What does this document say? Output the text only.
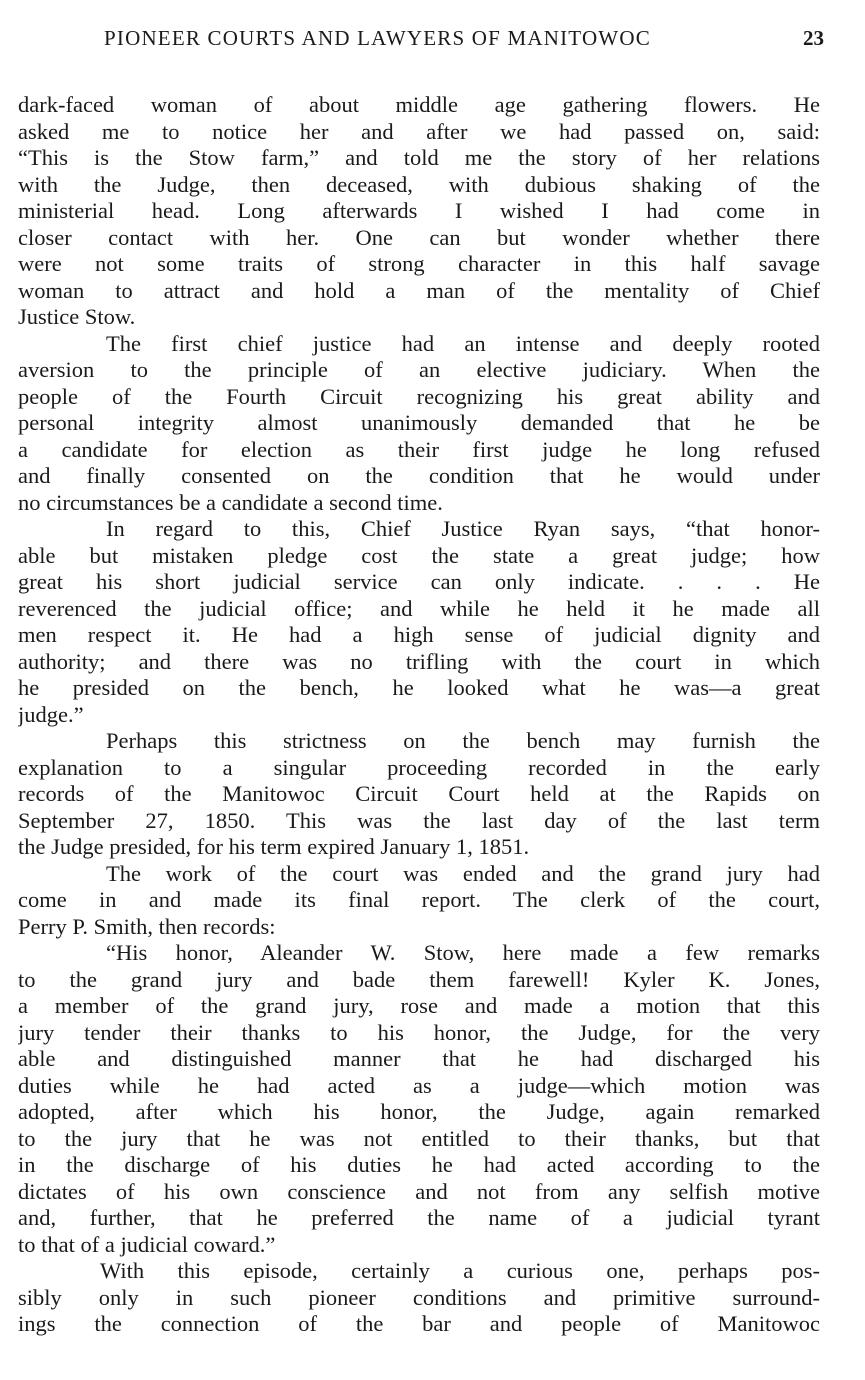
PIONEER COURTS AND LAWYERS OF MANITOWOC	23
dark-faced woman of about middle age gathering flowers. He
asked me to notice her and after we had passed on, said:
“This is the Stow farm,” and told me the story of her relations
with the Judge, then deceased, with dubious shaking of the
ministerial head. Long afterwards I wished I had come in
closer contact with her. One can but wonder whether there
were not some traits of strong character in this half savage
woman to attract and hold a man of the mentality of Chief
Justice Stow.
The first chief justice had an intense and deeply rooted
aversion to the principle of an elective judiciary. When the
people of the Fourth Circuit recognizing his great ability and
personal integrity almost unanimously demanded that he be
a candidate for election as their first judge he long refused
and finally consented on the condition that he would under
no circumstances be a candidate a second time.
In regard to this, Chief Justice Ryan says, “that honor-
able but mistaken pledge cost the state a great judge; how
great his short judicial service can only indicate. . . . He
reverenced the judicial office; and while he held it he made all
men respect it. He had a high sense of judicial dignity and
authority; and there was no trifling with the court in which
he presided on the bench, he looked what he was—a great
judge.”
Perhaps this strictness on the bench may furnish the
explanation to a singular proceeding recorded in the early
records of the Manitowoc Circuit Court held at the Rapids on
September 27, 1850. This was the last day of the last term
the Judge presided, for his term expired January 1, 1851.
The work of the court was ended and the grand jury had
come in and made its final report. The clerk of the court,
Perry P. Smith, then records:
“His honor, Aleander W. Stow, here made a few remarks
to the grand jury and bade them farewell! Kyler K. Jones,
a member of the grand jury, rose and made a motion that this
jury tender their thanks to his honor, the Judge, for the very
able and distinguished manner that he had discharged his
duties while he had acted as a judge—which motion was
adopted, after which his honor, the Judge, again remarked
to the jury that he was not entitled to their thanks, but that
in the discharge of his duties he had acted according to the
dictates of his own conscience and not from any selfish motive
and, further, that he preferred the name of a judicial tyrant
to that of a judicial coward.”
With this episode, certainly a curious one, perhaps pos-
sibly only in such pioneer conditions and primitive surround-
ings the connection of the bar and people of Manitowoc
